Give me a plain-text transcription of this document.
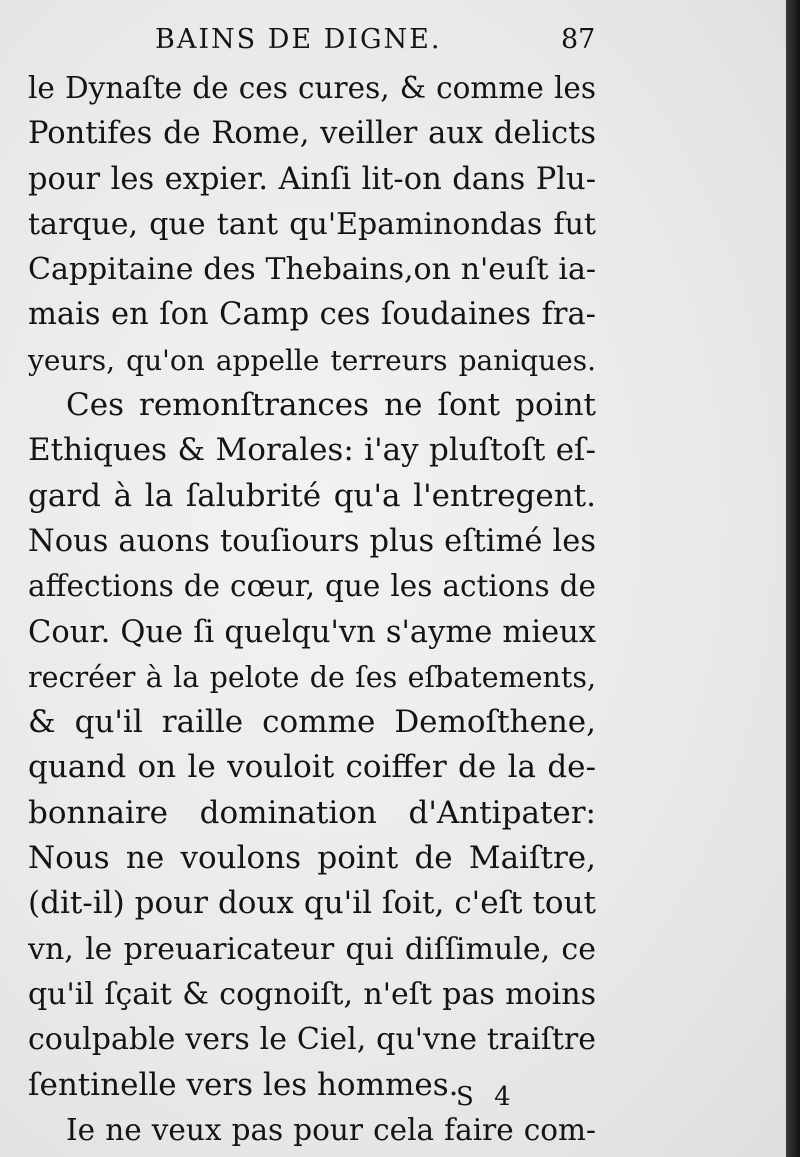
BAINS DE DIGNE.	87
le Dynaſte de ces cures, & comme les
Pontifes de Rome, veiller aux delicts
pour les expier. Ainſi lit-on dans Plu-
tarque, que tant qu'Epaminondas fut
Cappitaine des Thebains,on n'euſt ia-
mais en ſon Camp ces ſoudaines fra-
yeurs, qu'on appelle terreurs paniques.
Ces remonſtrances ne ſont point
Ethiques & Morales: i'ay pluſtoſt eſ-
gard à la ſalubrité qu'a l'entregent.
Nous auons touſiours plus eſtimé les
affections de cœur, que les actions de
Cour. Que ſi quelqu'vn s'ayme mieux
recréer à la pelote de ſes eſbatements,
& qu'il raille comme Demoſthene,
quand on le vouloit coiffer de la de-
bonnaire domination d'Antipater:
Nous ne voulons point de Maiſtre,
(dit-il) pour doux qu'il ſoit, c'eſt tout
vn, le preuaricateur qui diſſimule, ce
qu'il ſçait & cognoiſt, n'eſt pas moins
coulpable vers le Ciel, qu'vne traiſtre
ſentinelle vers les hommes.
Ie ne veux pas pour cela faire com-
S 4
